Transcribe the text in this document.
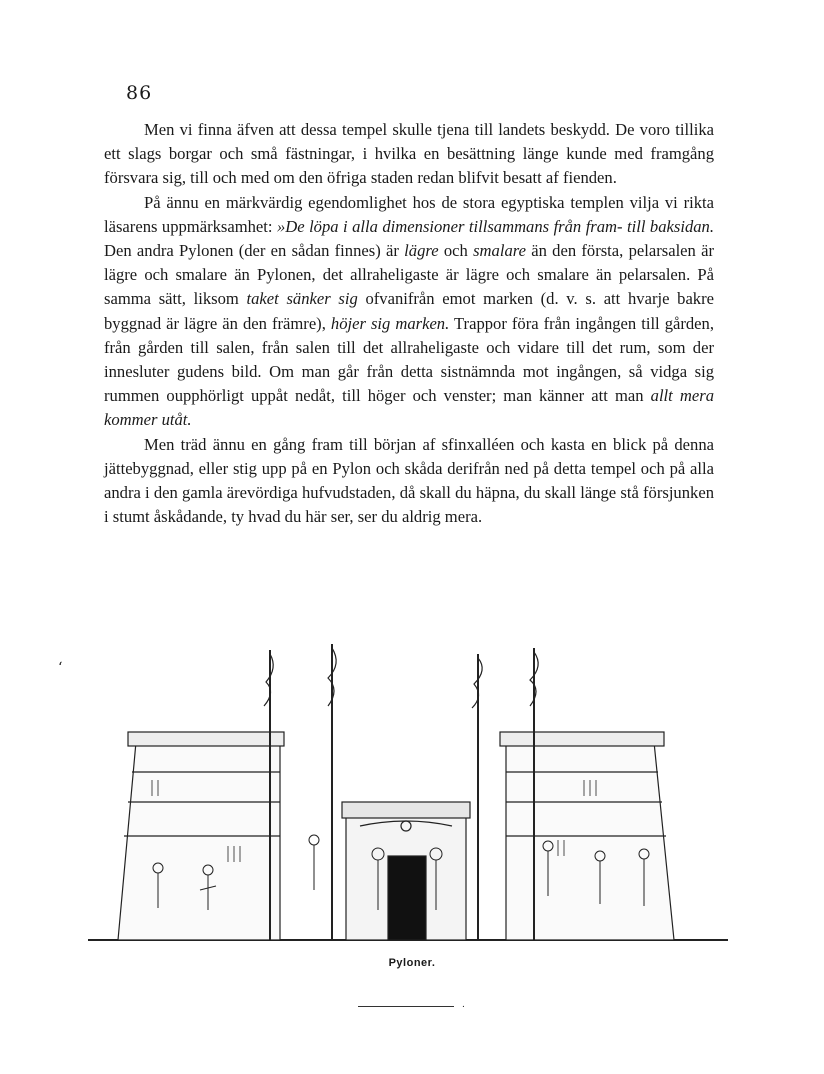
86

Men vi finna äfven att dessa tempel skulle tjena till landets beskydd. De voro tillika ett slags borgar och små fästningar, i hvilka en besättning länge kunde med framgång försvara sig, till och med om den öfriga staden redan blifvit besatt af fienden.

På ännu en märkvärdig egendomlighet hos de stora egyptiska templen vilja vi rikta läsarens uppmärksamhet: »De löpa i alla dimensioner tillsammans från fram- till baksidan. Den andra Pylonen (der en sådan finnes) är lägre och smalare än den första, pelarsalen är lägre och smalare än Pylonen, det allraheligaste är lägre och smalare än pelarsalen. På samma sätt, liksom taket sänker sig ofvanifrån emot marken (d. v. s. att hvarje bakre byggnad är lägre än den främre), höjer sig marken. Trappor föra från ingången till gården, från gården till salen, från salen till det allraheligaste och vidare till det rum, som der innesluter gudens bild. Om man går från detta sistnämnda mot ingången, så vidga sig rummen oupphörligt uppåt nedåt, till höger och venster; man känner att man allt mera kommer utåt.

Men träd ännu en gång fram till början af sfinxalléen och kasta en blick på denna jättebyggnad, eller stig upp på en Pylon och skåda derifrån ned på detta tempel och på alla andra i den gamla ärevördiga hufvudstaden, då skall du häpna, du skall länge stå försjunken i stumt åskådande, ty hvad du här ser, ser du aldrig mera.

‘
Pyloner.
.
